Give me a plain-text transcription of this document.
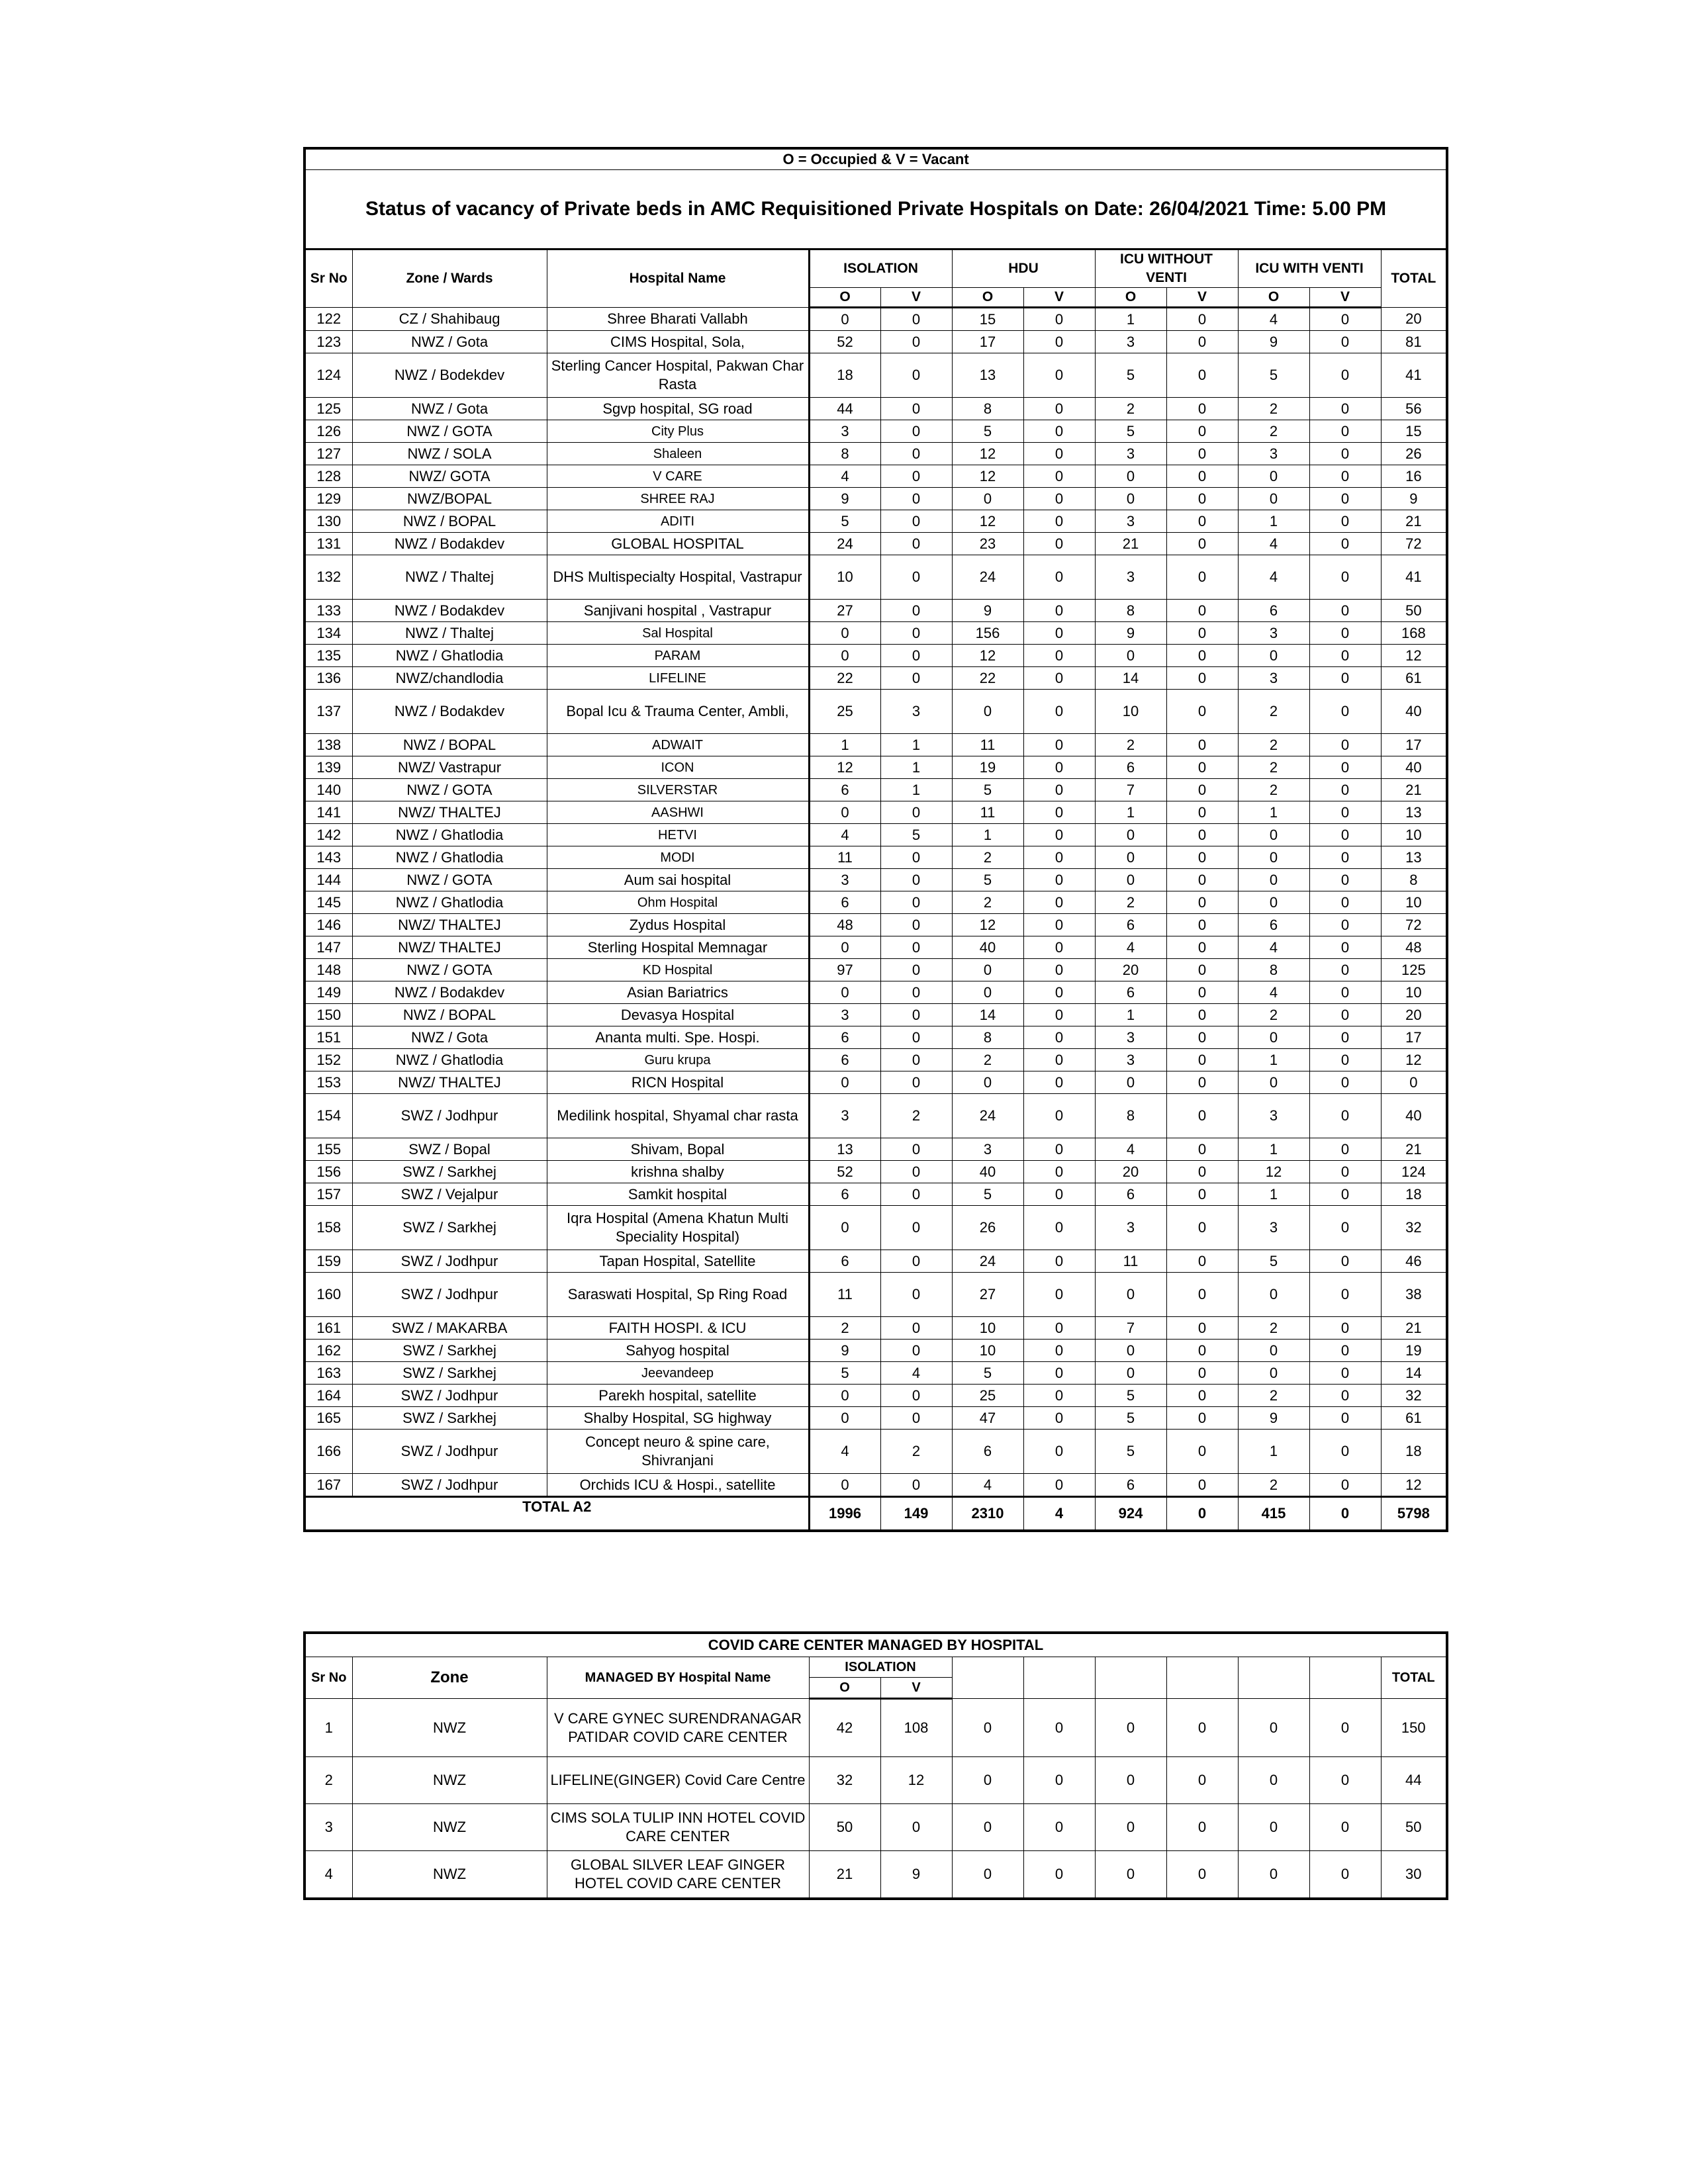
O = Occupied & V = Vacant											
Status of vacancy of Private beds in AMC Requisitioned Private Hospitals on Date: 26/04/2021 Time: 5.00 PM											
Sr No	Zone / Wards	Hospital Name	ISOLATION		HDU		ICU WITHOUT VENTI		ICU WITH VENTI		TOTAL
			O	V	O	V	O	V	O	V	
122	CZ / Shahibaug	Shree Bharati Vallabh	0	0	15	0	1	0	4	0	20
123	NWZ / Gota	CIMS Hospital, Sola,	52	0	17	0	3	0	9	0	81
124	NWZ / Bodekdev	Sterling Cancer Hospital, Pakwan Char Rasta	18	0	13	0	5	0	5	0	41
125	NWZ / Gota	Sgvp hospital, SG road	44	0	8	0	2	0	2	0	56
126	NWZ / GOTA	City Plus	3	0	5	0	5	0	2	0	15
127	NWZ / SOLA	Shaleen	8	0	12	0	3	0	3	0	26
128	NWZ/ GOTA	V CARE	4	0	12	0	0	0	0	0	16
129	NWZ/BOPAL	SHREE RAJ	9	0	0	0	0	0	0	0	9
130	NWZ / BOPAL	ADITI	5	0	12	0	3	0	1	0	21
131	NWZ / Bodakdev	GLOBAL HOSPITAL	24	0	23	0	21	0	4	0	72
132	NWZ / Thaltej	DHS Multispecialty Hospital, Vastrapur	10	0	24	0	3	0	4	0	41
133	NWZ / Bodakdev	Sanjivani hospital , Vastrapur	27	0	9	0	8	0	6	0	50
134	NWZ / Thaltej	Sal Hospital	0	0	156	0	9	0	3	0	168
135	NWZ / Ghatlodia	PARAM	0	0	12	0	0	0	0	0	12
136	NWZ/chandlodia	LIFELINE	22	0	22	0	14	0	3	0	61
137	NWZ / Bodakdev	Bopal Icu & Trauma Center, Ambli,	25	3	0	0	10	0	2	0	40
138	NWZ / BOPAL	ADWAIT	1	1	11	0	2	0	2	0	17
139	NWZ/ Vastrapur	ICON	12	1	19	0	6	0	2	0	40
140	NWZ / GOTA	SILVERSTAR	6	1	5	0	7	0	2	0	21
141	NWZ/ THALTEJ	AASHWI	0	0	11	0	1	0	1	0	13
142	NWZ / Ghatlodia	HETVI	4	5	1	0	0	0	0	0	10
143	NWZ / Ghatlodia	MODI	11	0	2	0	0	0	0	0	13
144	NWZ / GOTA	Aum sai hospital	3	0	5	0	0	0	0	0	8
145	NWZ / Ghatlodia	Ohm Hospital	6	0	2	0	2	0	0	0	10
146	NWZ/ THALTEJ	Zydus Hospital	48	0	12	0	6	0	6	0	72
147	NWZ/ THALTEJ	Sterling Hospital Memnagar	0	0	40	0	4	0	4	0	48
148	NWZ / GOTA	KD Hospital	97	0	0	0	20	0	8	0	125
149	NWZ / Bodakdev	Asian Bariatrics	0	0	0	0	6	0	4	0	10
150	NWZ / BOPAL	Devasya Hospital	3	0	14	0	1	0	2	0	20
151	NWZ / Gota	Ananta multi. Spe. Hospi.	6	0	8	0	3	0	0	0	17
152	NWZ / Ghatlodia	Guru krupa	6	0	2	0	3	0	1	0	12
153	NWZ/ THALTEJ	RICN Hospital	0	0	0	0	0	0	0	0	0
154	SWZ / Jodhpur	Medilink hospital, Shyamal char rasta	3	2	24	0	8	0	3	0	40
155	SWZ / Bopal	Shivam, Bopal	13	0	3	0	4	0	1	0	21
156	SWZ / Sarkhej	krishna shalby	52	0	40	0	20	0	12	0	124
157	SWZ / Vejalpur	Samkit hospital	6	0	5	0	6	0	1	0	18
158	SWZ / Sarkhej	Iqra Hospital (Amena Khatun Multi Speciality Hospital)	0	0	26	0	3	0	3	0	32
159	SWZ / Jodhpur	Tapan Hospital, Satellite	6	0	24	0	11	0	5	0	46
160	SWZ / Jodhpur	Saraswati Hospital, Sp Ring Road	11	0	27	0	0	0	0	0	38
161	SWZ / MAKARBA	FAITH HOSPI. & ICU	2	0	10	0	7	0	2	0	21
162	SWZ / Sarkhej	Sahyog hospital	9	0	10	0	0	0	0	0	19
163	SWZ / Sarkhej	Jeevandeep	5	4	5	0	0	0	0	0	14
164	SWZ / Jodhpur	Parekh hospital, satellite	0	0	25	0	5	0	2	0	32
165	SWZ / Sarkhej	Shalby Hospital, SG highway	0	0	47	0	5	0	9	0	61
166	SWZ / Jodhpur	Concept neuro & spine care, Shivranjani	4	2	6	0	5	0	1	0	18
167	SWZ / Jodhpur	Orchids ICU & Hospi., satellite	0	0	4	0	6	0	2	0	12
TOTAL A2			1996	149	2310	4	924	0	415	0	5798
COVID CARE CENTER MANAGED BY HOSPITAL											
Sr No	Zone	MANAGED BY Hospital Name	ISOLATION								TOTAL
			O	V							
1	NWZ	V CARE GYNEC SURENDRANAGAR PATIDAR COVID CARE CENTER	42	108	0	0	0	0	0	0	150
2	NWZ	LIFELINE(GINGER) Covid Care Centre	32	12	0	0	0	0	0	0	44
3	NWZ	CIMS SOLA TULIP INN HOTEL COVID CARE CENTER	50	0	0	0	0	0	0	0	50
4	NWZ	GLOBAL SILVER LEAF GINGER HOTEL COVID CARE CENTER	21	9	0	0	0	0	0	0	30
